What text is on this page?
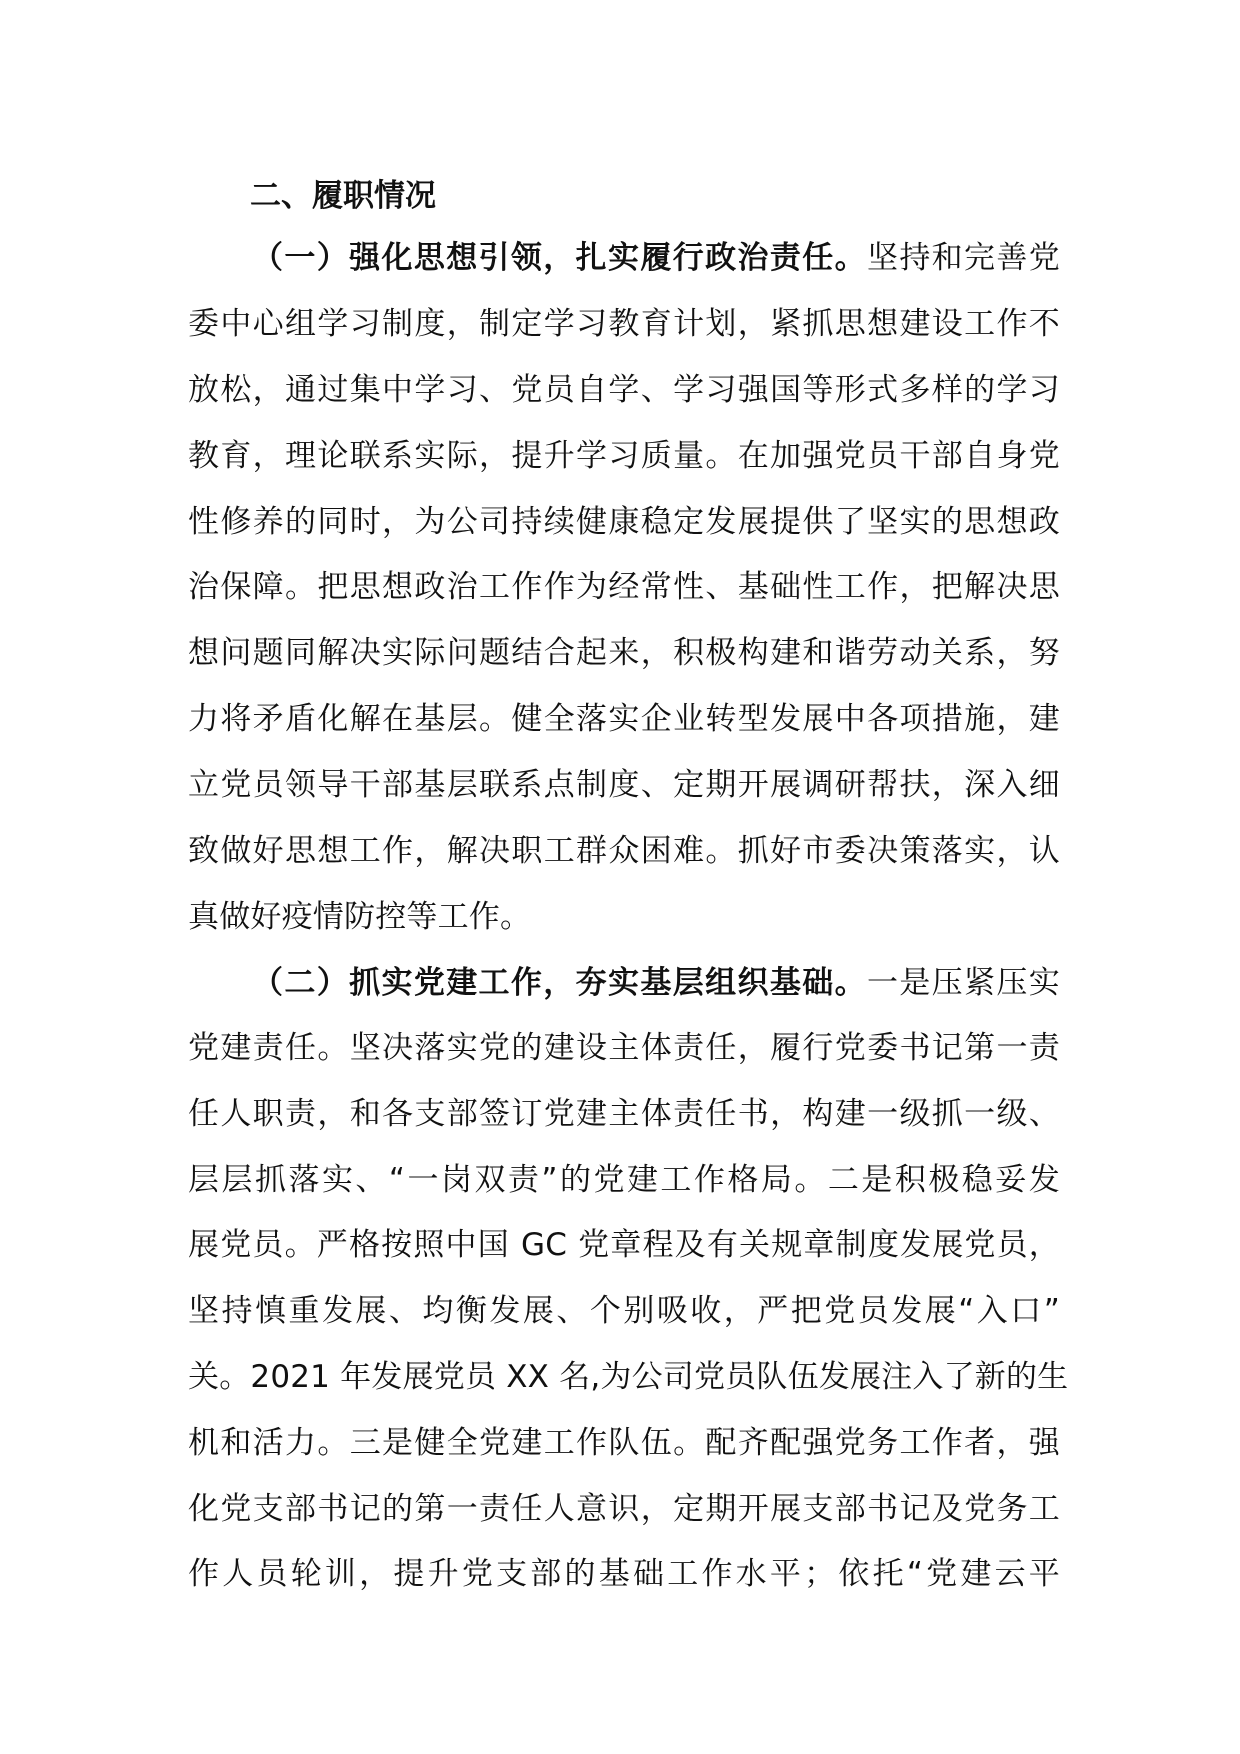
二、履职情况

（一）强化思想引领，扎实履行政治责任。坚持和完善党

委中心组学习制度，制定学习教育计划，紧抓思想建设工作不

放松，通过集中学习、党员自学、学习强国等形式多样的学习

教育，理论联系实际，提升学习质量。在加强党员干部自身党

性修养的同时，为公司持续健康稳定发展提供了坚实的思想政

治保障。把思想政治工作作为经常性、基础性工作，把解决思

想问题同解决实际问题结合起来，积极构建和谐劳动关系，努

力将矛盾化解在基层。健全落实企业转型发展中各项措施，建

立党员领导干部基层联系点制度、定期开展调研帮扶，深入细

致做好思想工作，解决职工群众困难。抓好市委决策落实，认

真做好疫情防控等工作。

（二）抓实党建工作，夯实基层组织基础。一是压紧压实

党建责任。坚决落实党的建设主体责任，履行党委书记第一责

任人职责，和各支部签订党建主体责任书，构建一级抓一级、

层层抓落实、“一岗双责”的党建工作格局。二是积极稳妥发

展党员。严格按照中国 GC 党章程及有关规章制度发展党员，

坚持慎重发展、均衡发展、个别吸收，严把党员发展“入口”

关。2021 年发展党员 XX 名,为公司党员队伍发展注入了新的生

机和活力。三是健全党建工作队伍。配齐配强党务工作者，强

化党支部书记的第一责任人意识，定期开展支部书记及党务工

作人员轮训，提升党支部的基础工作水平；依托“党建云平
